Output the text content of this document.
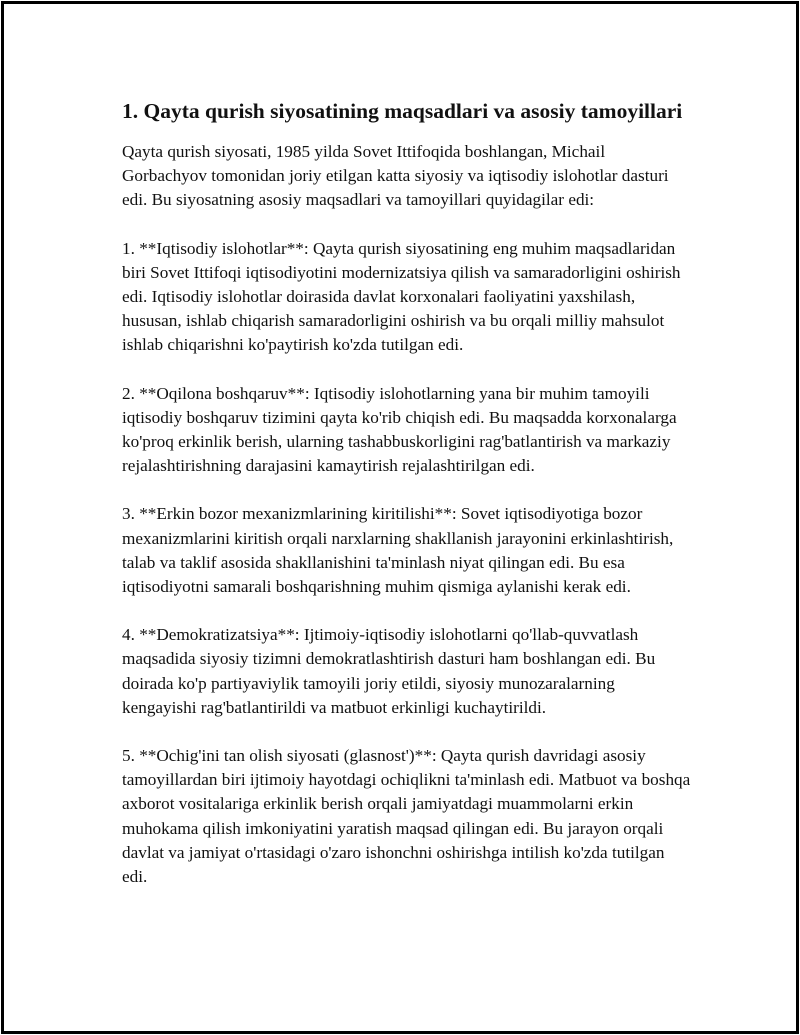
1. Qayta qurish siyosatining maqsadlari va asosiy tamoyillari

Qayta qurish siyosati, 1985 yilda Sovet Ittifoqida boshlangan, Michail Gorbachyov tomonidan joriy etilgan katta siyosiy va iqtisodiy islohotlar dasturi edi. Bu siyosatning asosiy maqsadlari va tamoyillari quyidagilar edi:

1. **Iqtisodiy islohotlar**: Qayta qurish siyosatining eng muhim maqsadlaridan biri Sovet Ittifoqi iqtisodiyotini modernizatsiya qilish va samaradorligini oshirish edi. Iqtisodiy islohotlar doirasida davlat korxonalari faoliyatini yaxshilash, hususan, ishlab chiqarish samaradorligini oshirish va bu orqali milliy mahsulot ishlab chiqarishni ko'paytirish ko'zda tutilgan edi.

2. **Oqilona boshqaruv**: Iqtisodiy islohotlarning yana bir muhim tamoyili iqtisodiy boshqaruv tizimini qayta ko'rib chiqish edi. Bu maqsadda korxonalarga ko'proq erkinlik berish, ularning tashabbuskorligini rag'batlantirish va markaziy rejalashtirishning darajasini kamaytirish rejalashtirilgan edi.

3. **Erkin bozor mexanizmlarining kiritilishi**: Sovet iqtisodiyotiga bozor mexanizmlarini kiritish orqali narxlarning shakllanish jarayonini erkinlashtirish, talab va taklif asosida shakllanishini ta'minlash niyat qilingan edi. Bu esa iqtisodiyotni samarali boshqarishning muhim qismiga aylanishi kerak edi.

4. **Demokratizatsiya**: Ijtimoiy-iqtisodiy islohotlarni qo'llab-quvvatlash maqsadida siyosiy tizimni demokratlashtirish dasturi ham boshlangan edi. Bu doirada ko'p partiyaviylik tamoyili joriy etildi, siyosiy munozaralarning kengayishi rag'batlantirildi va matbuot erkinligi kuchaytirildi.

5. **Ochig'ini tan olish siyosati (glasnost')**: Qayta qurish davridagi asosiy tamoyillardan biri ijtimoiy hayotdagi ochiqlikni ta'minlash edi. Matbuot va boshqa axborot vositalariga erkinlik berish orqali jamiyatdagi muammolarni erkin muhokama qilish imkoniyatini yaratish maqsad qilingan edi. Bu jarayon orqali davlat va jamiyat o'rtasidagi o'zaro ishonchni oshirishga intilish ko'zda tutilgan edi.
